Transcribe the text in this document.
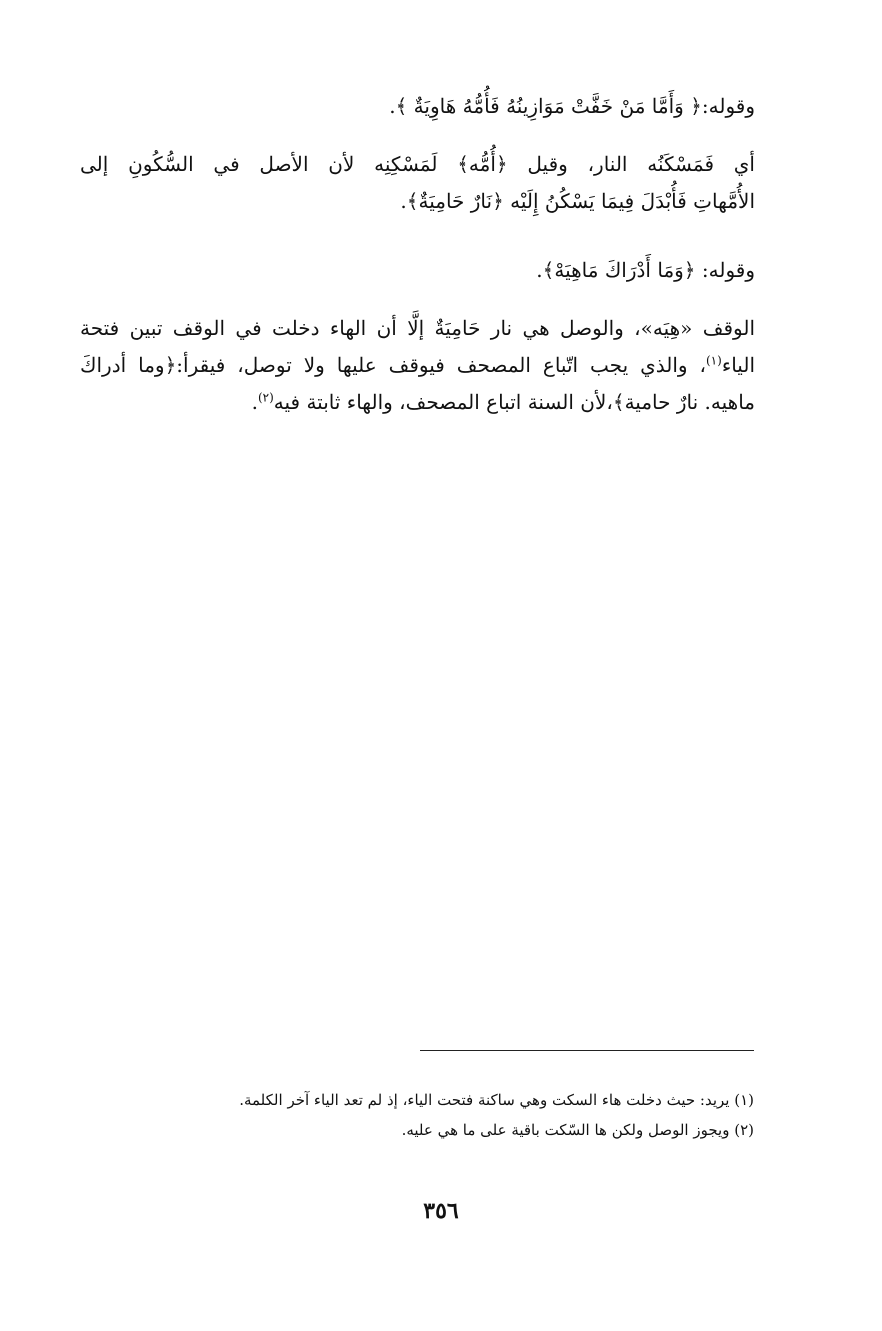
وقوله:﴿ وَأَمَّا مَنْ خَفَّتْ مَوَازِينُهُ فَأُمُّهُ هَاوِيَةٌ ﴾.

أي فَمَسْكَنُه النار، وقيل ﴿أُمُّه﴾ لَمَسْكِنِه لأن الأصل في السُّكُونِ إلى

الأُمَّهاتِ فَأُبْدَلَ فِيمَا يَسْكُنُ إِلَيْه ﴿نَارٌ حَامِيَةٌ﴾.

وقوله: ﴿وَمَا أَدْرَاكَ مَاهِيَهْ﴾.

الوقف «هِيَه»، والوصل هي نار حَامِيَةٌ إلَّا أن الهاء دخلت في الوقف تبين فتحة الياء$^{(١)}$، والذي يجب اتّباع المصحف فيوقف عليها ولا توصل، فيقرأ:﴿وما أدراكَ ماهيه. نارٌ حامية﴾،لأن السنة اتباع المصحف، والهاء ثابتة فيه$^{(٢)}$.

(١) يريد: حيث دخلت هاء السكت وهي ساكنة فتحت الياء، إذ لم تعد الياء آخر الكلمة.

(٢) ويجوز الوصل ولكن ها السّكت باقية على ما هي عليه.

٣٥٦
